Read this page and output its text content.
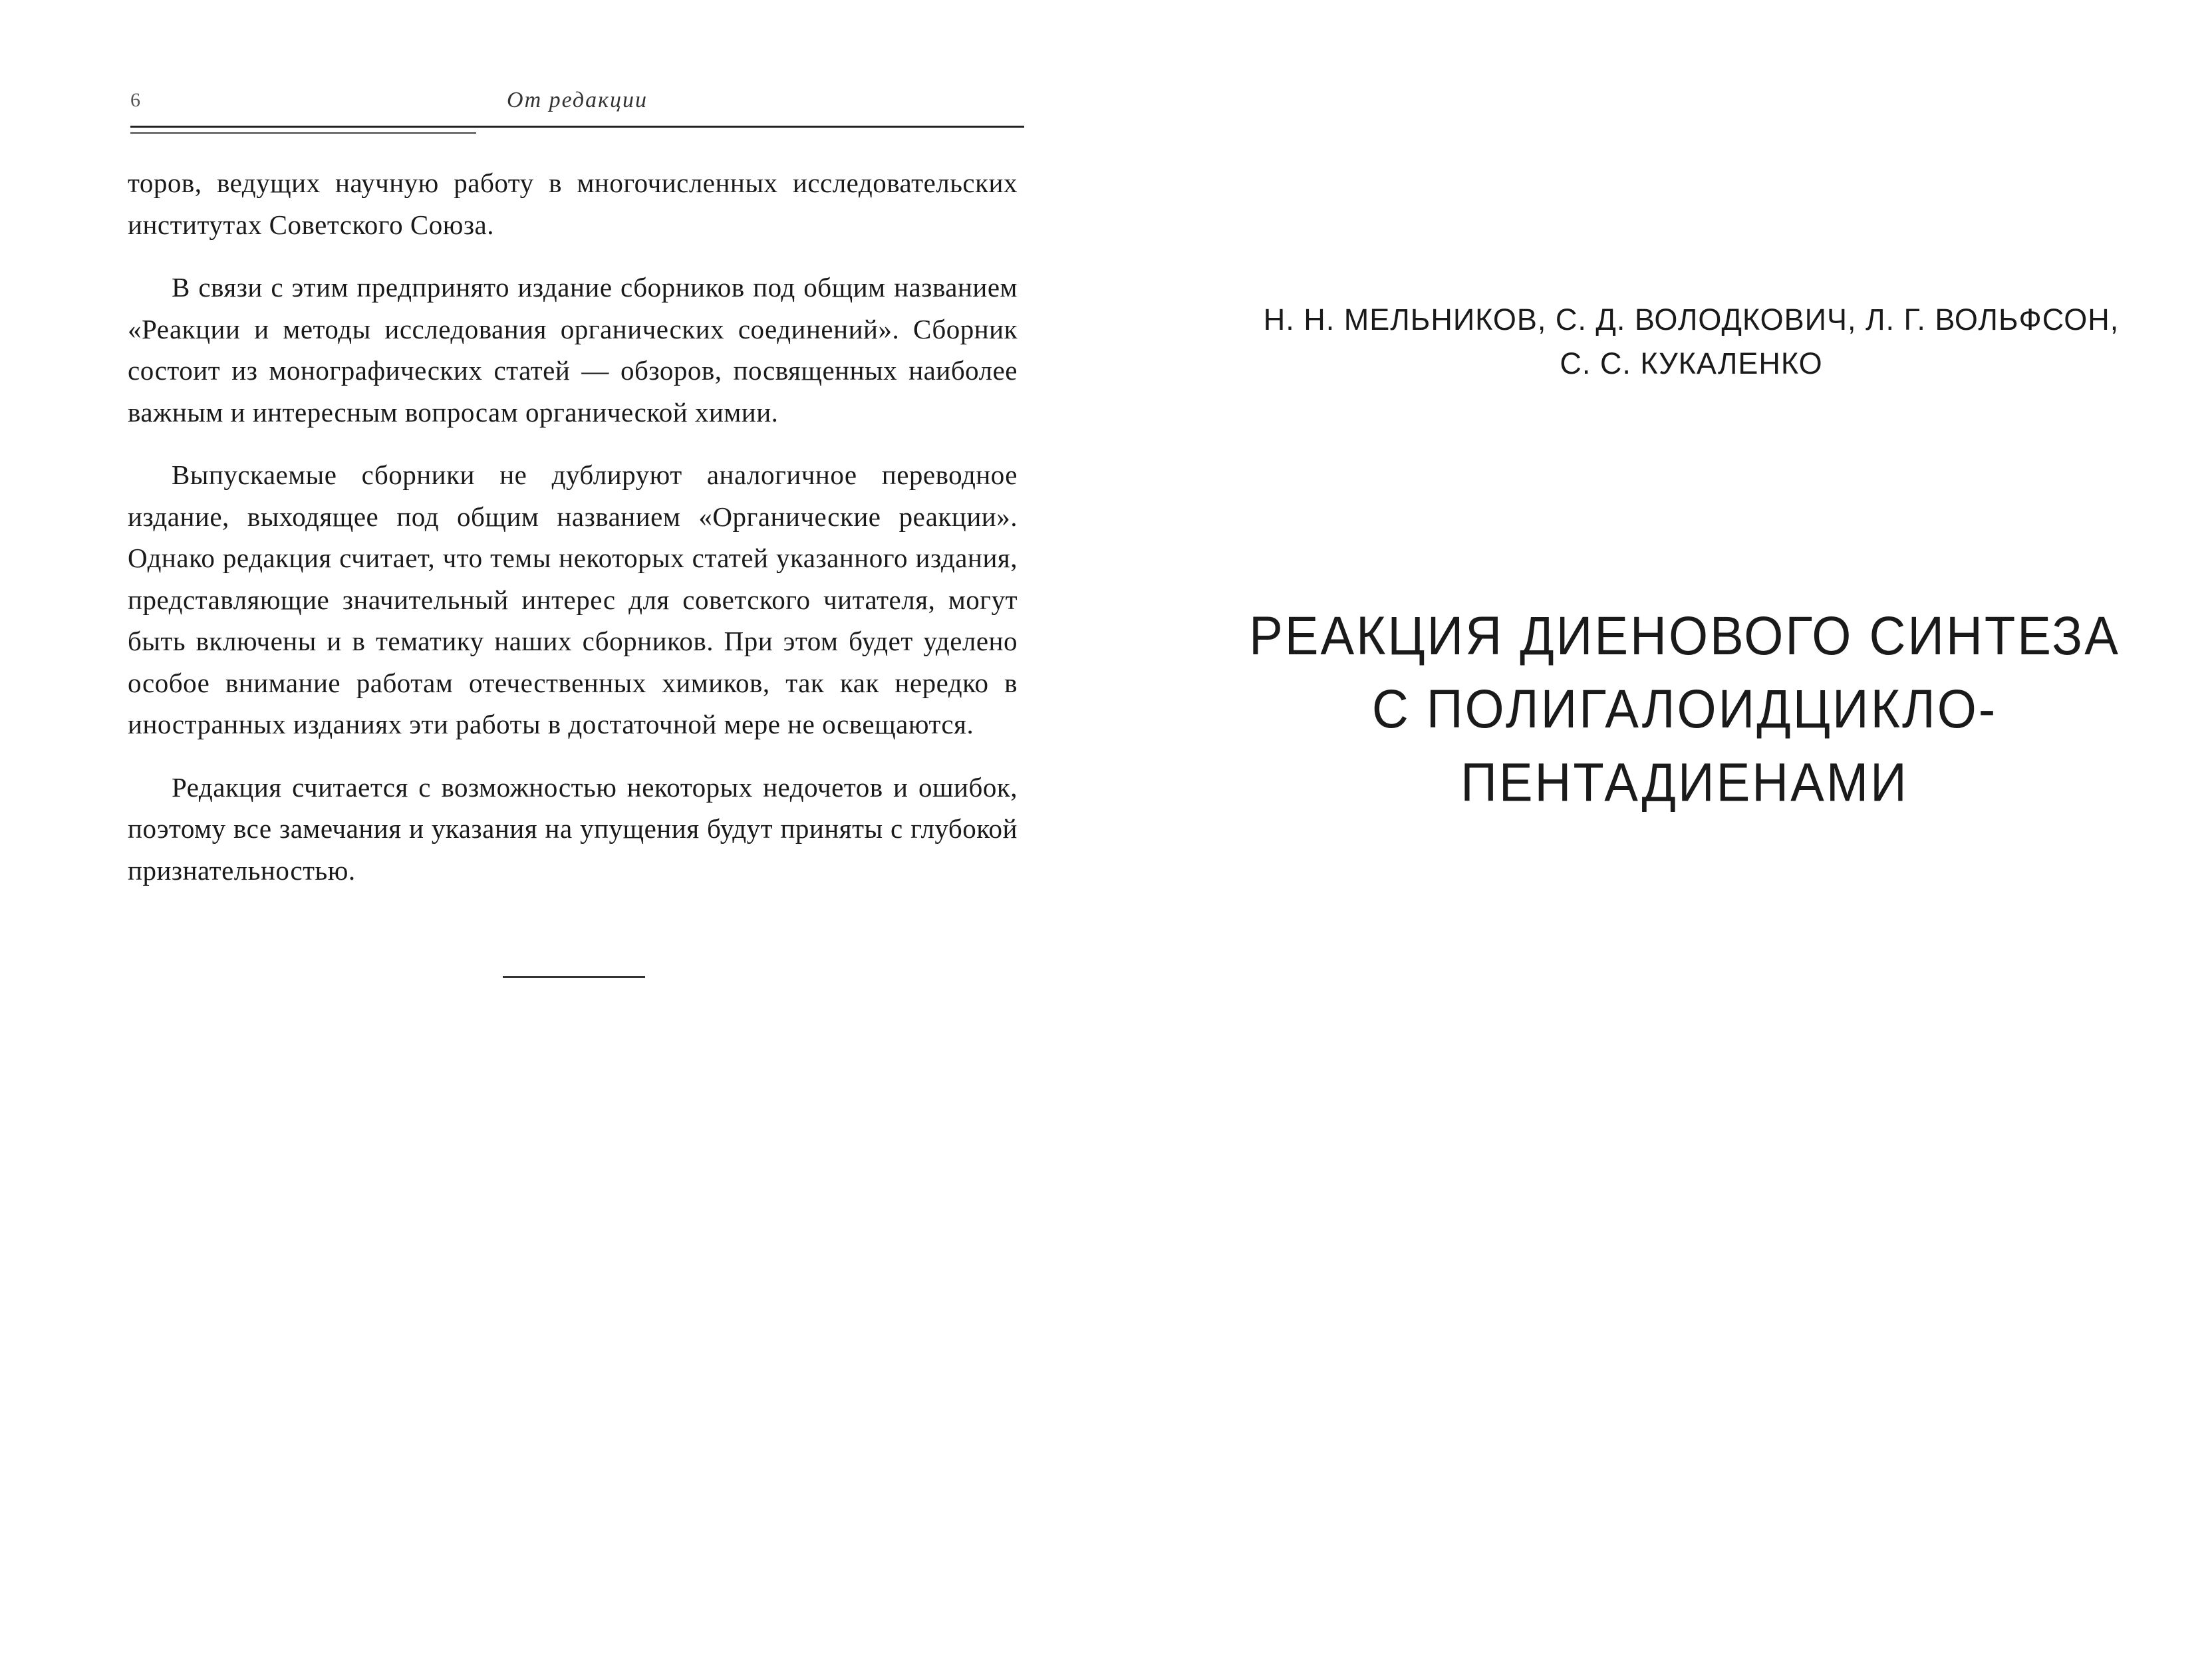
6	От редакции

торов, ведущих научную работу в многочисленных исследовательских институтах Советского Союза.

В связи с этим предпринято издание сборников под общим названием «Реакции и методы исследования органических соединений». Сборник состоит из монографических статей — обзоров, посвященных наиболее важным и интересным вопросам органической химии.

Выпускаемые сборники не дублируют аналогичное переводное издание, выходящее под общим названием «Органические реакции». Однако редакция считает, что темы некоторых статей указанного издания, представляющие значительный интерес для советского читателя, могут быть включены и в тематику наших сборников. При этом будет уделено особое внимание работам отечественных химиков, так как нередко в иностранных изданиях эти работы в достаточной мере не освещаются.

Редакция считается с возможностью некоторых недочетов и ошибок, поэтому все замечания и указания на упущения будут приняты с глубокой признательностью.

Н. Н. МЕЛЬНИКОВ, С. Д. ВОЛОДКОВИЧ, Л. Г. ВОЛЬФСОН,
С. С. КУКАЛЕНКО
РЕАКЦИЯ ДИЕНОВОГО СИНТЕЗА
С ПОЛИГАЛОИДЦИКЛО-
ПЕНТАДИЕНАМИ
